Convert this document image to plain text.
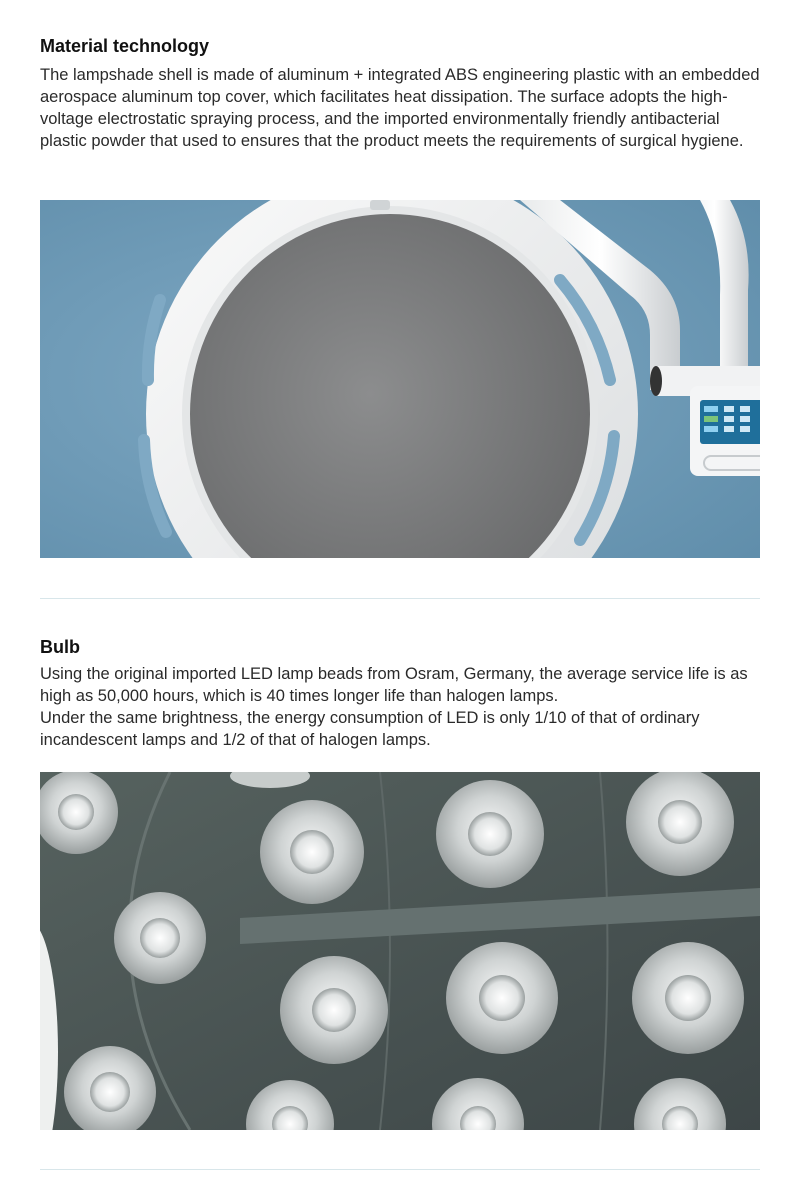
Material technology

The lampshade shell is made of aluminum + integrated ABS engineering plastic with an embedded aerospace aluminum top cover, which facilitates heat dissipation. The surface adopts the high-voltage electrostatic spraying process, and the imported environmentally friendly antibacterial plastic powder that used to ensures that the product meets the requirements of surgical hygiene.

Bulb

Using the original imported LED lamp beads from Osram, Germany, the average service life is as high as 50,000 hours, which is 40 times longer life than halogen lamps.

Under the same brightness, the energy consumption of LED is only 1/10 of that of ordinary incandescent lamps and 1/2 of that of halogen lamps.
